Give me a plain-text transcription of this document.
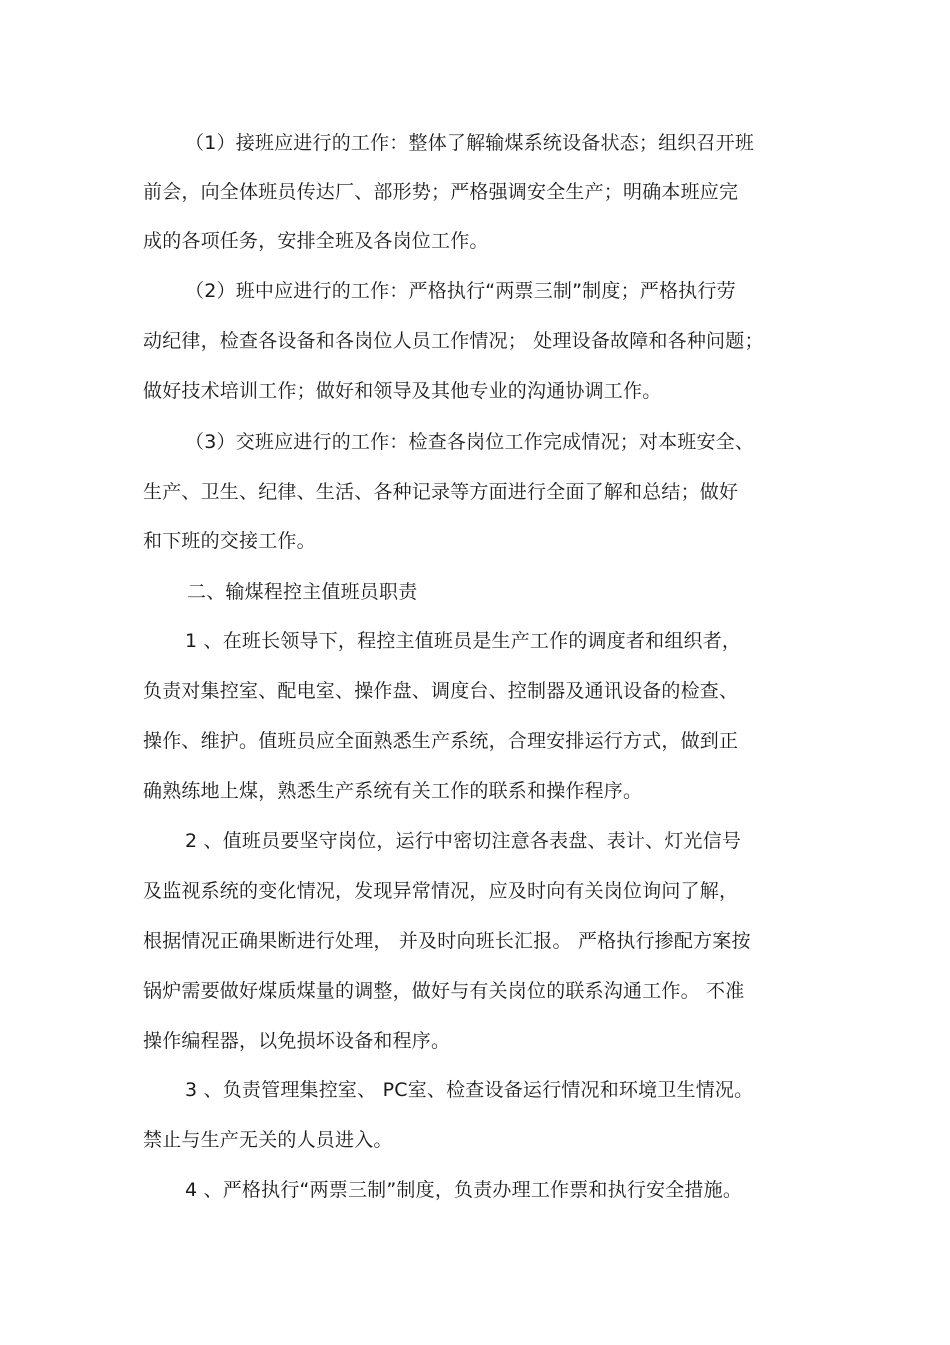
（1）接班应进行的工作：整体了解输煤系统设备状态；组织召开班
前会，向全体班员传达厂、部形势；严格强调安全生产；明确本班应完
成的各项任务，安排全班及各岗位工作。
（2）班中应进行的工作：严格执行“两票三制”制度；严格执行劳
动纪律，检查各设备和各岗位人员工作情况； 处理设备故障和各种问题；
做好技术培训工作；做好和领导及其他专业的沟通协调工作。
（3）交班应进行的工作：检查各岗位工作完成情况；对本班安全、
生产、卫生、纪律、生活、各种记录等方面进行全面了解和总结；做好
和下班的交接工作。
二、输煤程控主值班员职责
1 、在班长领导下，程控主值班员是生产工作的调度者和组织者，
负责对集控室、配电室、操作盘、调度台、控制器及通讯设备的检查、
操作、维护。值班员应全面熟悉生产系统，合理安排运行方式，做到正
确熟练地上煤，熟悉生产系统有关工作的联系和操作程序。
2 、值班员要坚守岗位，运行中密切注意各表盘、表计、灯光信号
及监视系统的变化情况，发现异常情况，应及时向有关岗位询问了解，
根据情况正确果断进行处理， 并及时向班长汇报。 严格执行掺配方案按
锅炉需要做好煤质煤量的调整，做好与有关岗位的联系沟通工作。 不准
操作编程器，以免损坏设备和程序。
3 、负责管理集控室、 PC室、检查设备运行情况和环境卫生情况。
禁止与生产无关的人员进入。
4 、严格执行“两票三制”制度，负责办理工作票和执行安全措施。
